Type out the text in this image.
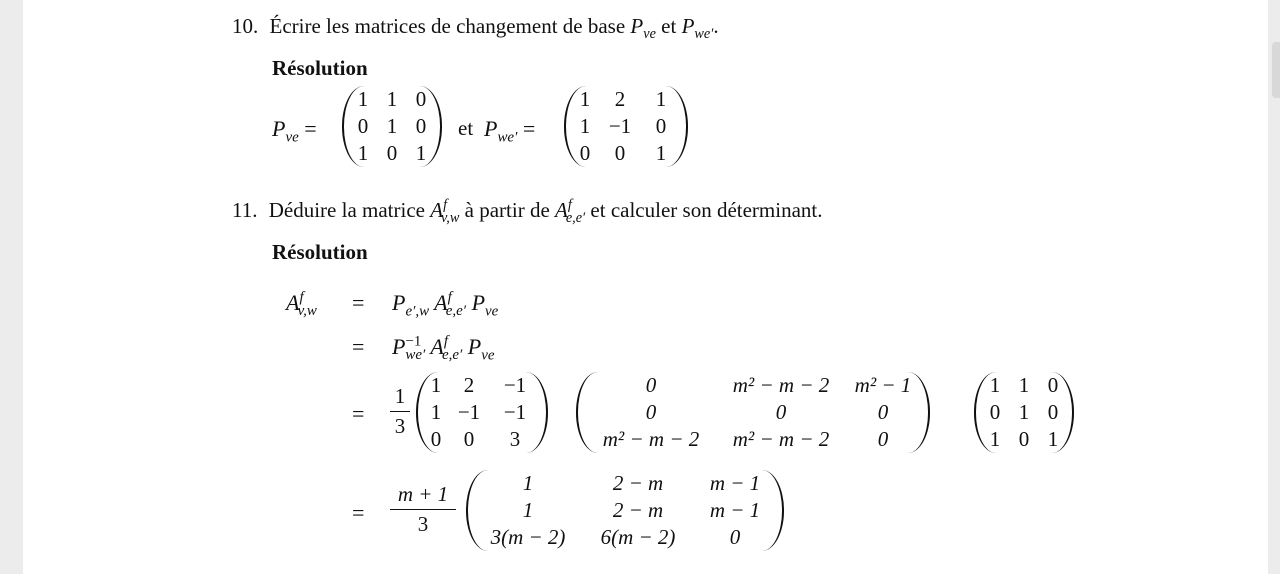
10. Écrire les matrices de changement de base $P_{ve}$ et $P_{we'}$.
Résolution
$P_{ve}$ =
1 1 0
0 1 0
1 0 1
et $P_{we'}$ =
1	2	1
1 −1	0
0	0	1
11. Déduire la matrice $A^f_{v,w}$ à partir de $A^f_{e,e'}$ et calculer son déterminant.
Résolution
$A^f_{v,w} = P_{e',w}$ $A^f_{e,e'}$ $P_{ve}$
= $P^{-1}_{we'}$ $A^f_{e,e'}$ $P_{ve}$
= $\frac{1}{3} 1$	2	−1
1 −1	−1
0	0	3
0	m² − m − 2	m² − 1
0	0	0
m² − m − 2	m² − m − 2	0
1 1 0
0 1 0
1 0 1
= $\frac{m + 1}{3}$	1	2 − m	m − 1
1	2 − m	m − 1
3(m − 2)	6(m − 2)	0
